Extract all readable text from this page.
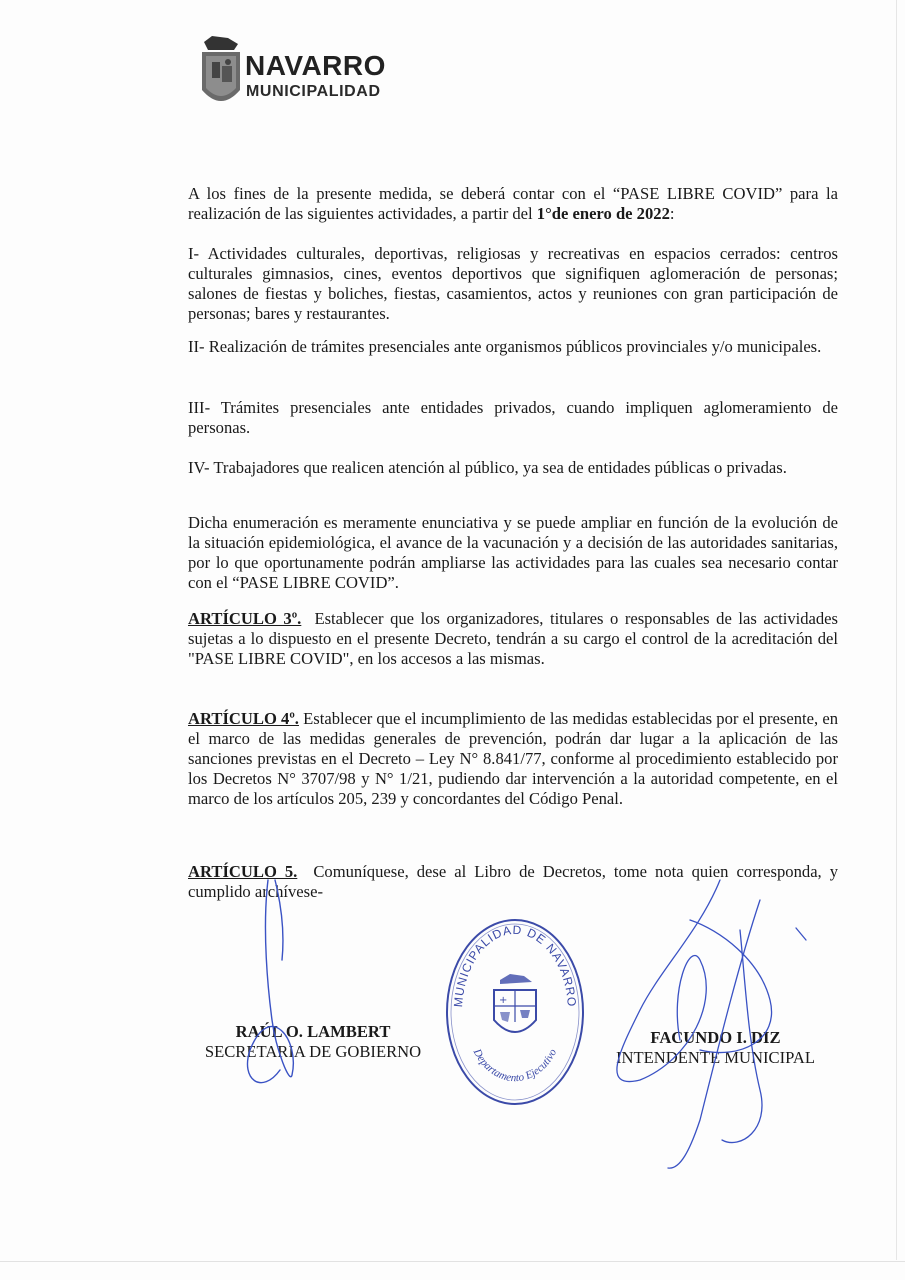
NAVARRO
MUNICIPALIDAD

A los fines de la presente medida, se deberá contar con el “PASE LIBRE COVID” para la realización de las siguientes actividades, a partir del 1°de enero de 2022:

I- Actividades culturales, deportivas, religiosas y recreativas en espacios cerrados: centros culturales gimnasios, cines, eventos deportivos que signifiquen aglomeración de personas; salones de fiestas y boliches, fiestas, casamientos, actos y reuniones con gran participación de personas; bares y restaurantes.

II- Realización de trámites presenciales ante organismos públicos provinciales y/o municipales.

III- Trámites presenciales ante entidades privados, cuando impliquen aglomeramiento de personas.

IV- Trabajadores que realicen atención al público, ya sea de entidades públicas o privadas.

Dicha enumeración es meramente enunciativa y se puede ampliar en función de la evolución de la situación epidemiológica, el avance de la vacunación y a decisión de las autoridades sanitarias, por lo que oportunamente podrán ampliarse las actividades para las cuales sea necesario contar con el “PASE LIBRE COVID”.

ARTÍCULO 3º. Establecer que los organizadores, titulares o responsables de las actividades sujetas a lo dispuesto en el presente Decreto, tendrán a su cargo el control de la acreditación del "PASE LIBRE COVID", en los accesos a las mismas.

ARTÍCULO 4º. Establecer que el incumplimiento de las medidas establecidas por el presente, en el marco de las medidas generales de prevención, podrán dar lugar a la aplicación de las sanciones previstas en el Decreto – Ley N° 8.841/77, conforme al procedimiento establecido por los Decretos N° 3707/98 y N° 1/21, pudiendo dar intervención a la autoridad competente, en el marco de los artículos 205, 239 y concordantes del Código Penal.

ARTÍCULO 5. Comuníquese, dese al Libro de Decretos, tome nota quien corresponda, y cumplido archívese-

MUNICIPALIDAD DE NAVARRO
Departamento Ejecutivo
+
RAÚL O. LAMBERT
SECRETARIA DE GOBIERNO
FACUNDO I. DIZ
INTENDENTE MUNICIPAL
